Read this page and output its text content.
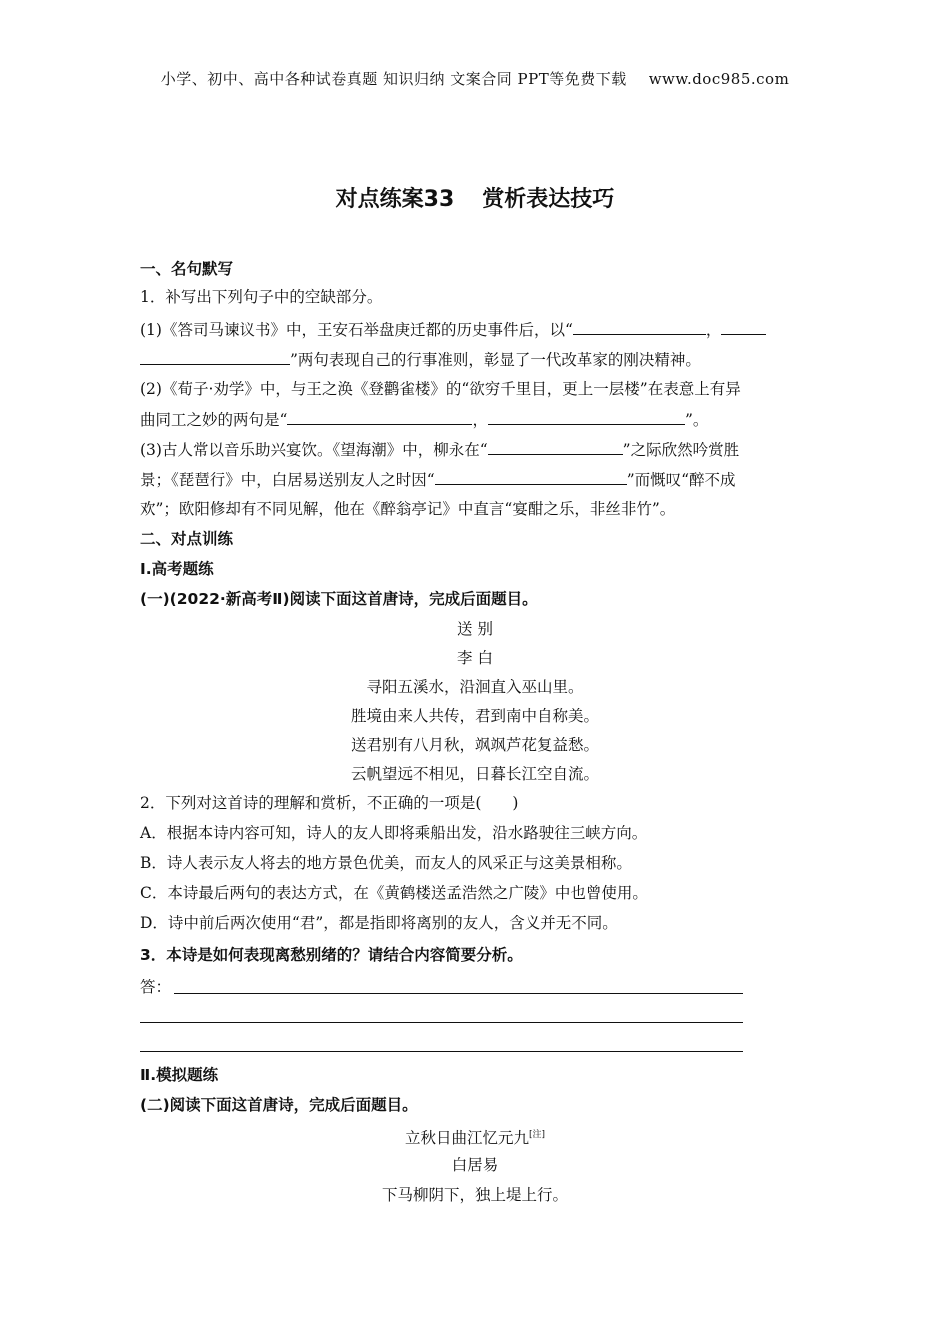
小学、初中、高中各种试卷真题 知识归纳 文案合同 PPT等免费下载 www.doc985.com
对点练案33 赏析表达技巧
一、名句默写
1．补写出下列句子中的空缺部分。
(1)《答司马谏议书》中，王安石举盘庚迁都的历史事件后，以“	，
”两句表现自己的行事准则，彰显了一代改革家的刚决精神。
(2)《荀子·劝学》中，与王之涣《登鹳雀楼》的“欲穷千里目，更上一层楼”在表意上有异
曲同工之妙的两句是“	，	”。
(3)古人常以音乐助兴宴饮。《望海潮》中，柳永在“	”之际欣然吟赏胜
景；《琵琶行》中，白居易送别友人之时因“	”而慨叹“醉不成
欢”；欧阳修却有不同见解，他在《醉翁亭记》中直言“宴酣之乐，非丝非竹”。
二、对点训练
Ⅰ.高考题练
(一)(2022·新高考Ⅱ)阅读下面这首唐诗，完成后面题目。
送 别
李 白
寻阳五溪水，沿洄直入巫山里。
胜境由来人共传，君到南中自称美。
送君别有八月秋，飒飒芦花复益愁。
云帆望远不相见，日暮长江空自流。
2．下列对这首诗的理解和赏析，不正确的一项是(　　)
A．根据本诗内容可知，诗人的友人即将乘船出发，沿水路驶往三峡方向。
B．诗人表示友人将去的地方景色优美，而友人的风采正与这美景相称。
C．本诗最后两句的表达方式，在《黄鹤楼送孟浩然之广陵》中也曾使用。
D．诗中前后两次使用“君”，都是指即将离别的友人，含义并无不同。
3．本诗是如何表现离愁别绪的？请结合内容简要分析。
答：
Ⅱ.模拟题练
(二)阅读下面这首唐诗，完成后面题目。
立秋日曲江忆元九[注]
白居易
下马柳阴下，独上堤上行。
